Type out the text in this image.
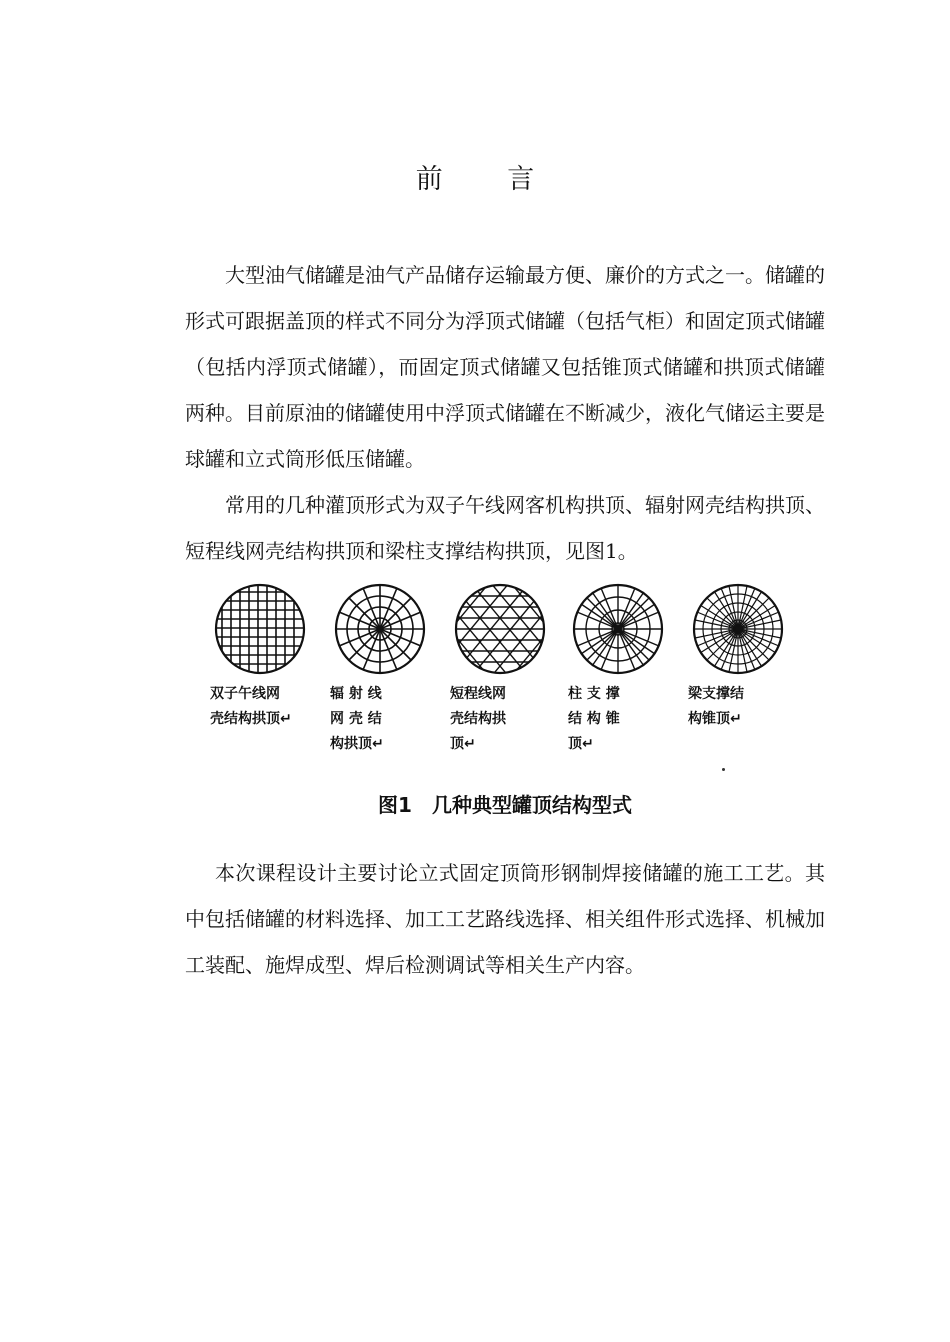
前 言

大型油气储罐是油气产品储存运输最方便、廉价的方式之一。储罐的形式可跟据盖顶的样式不同分为浮顶式储罐（包括气柜）和固定顶式储罐（包括内浮顶式储罐），而固定顶式储罐又包括锥顶式储罐和拱顶式储罐两种。目前原油的储罐使用中浮顶式储罐在不断减少，液化气储运主要是球罐和立式筒形低压储罐。

常用的几种灌顶形式为双子午线网客机构拱顶、辐射网壳结构拱顶、短程线网壳结构拱顶和梁柱支撑结构拱顶，见图1。

双子午线网
壳结构拱顶↵
辐 射 线
网 壳 结
构拱顶↵
短程线网
壳结构拱
顶↵
柱 支 撑
结 构 锥
顶↵
梁支撑结
构锥顶↵
图1　几种典型罐顶结构型式

本次课程设计主要讨论立式固定顶筒形钢制焊接储罐的施工工艺。其中包括储罐的材料选择、加工工艺路线选择、相关组件形式选择、机械加工装配、施焊成型、焊后检测调试等相关生产内容。
